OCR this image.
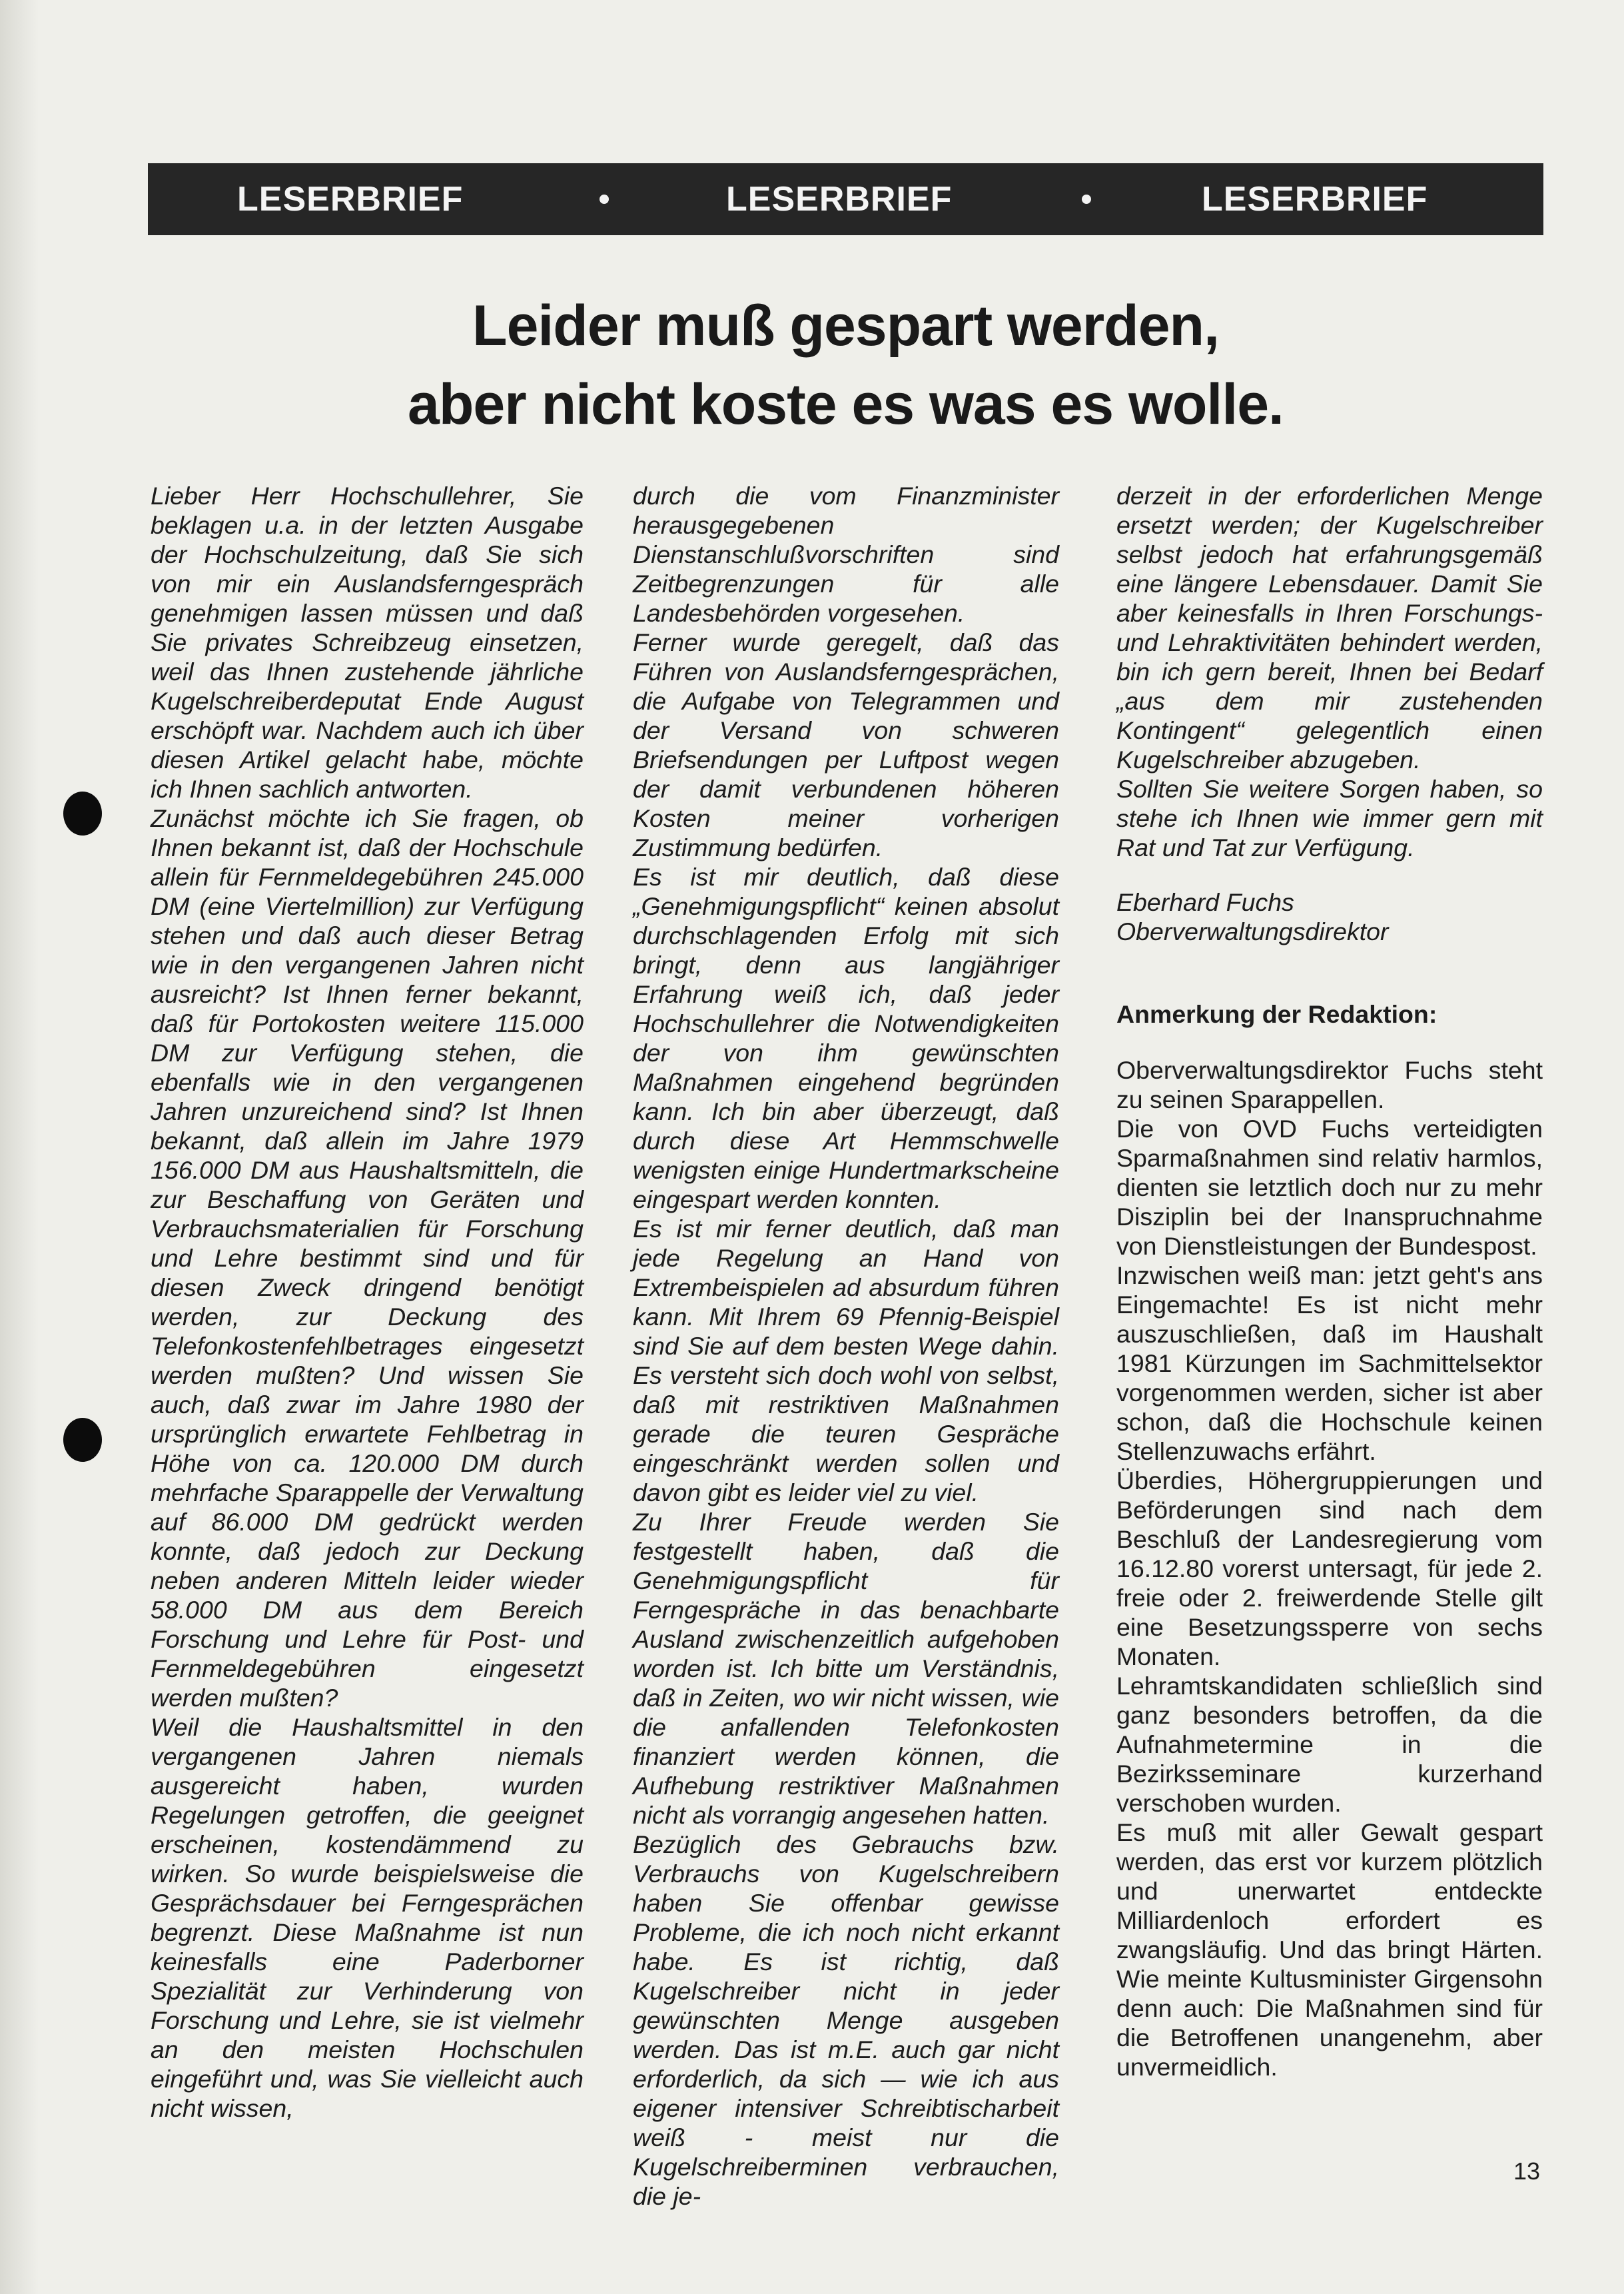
LESERBRIEF	LESERBRIEF	LESERBRIEF
Leider muß gespart werden,
aber nicht koste es was es wolle.

Lieber Herr Hochschullehrer, Sie beklagen u.a. in der letzten Ausgabe der Hochschulzeitung, daß Sie sich von mir ein Auslandsferngespräch genehmigen lassen müssen und daß Sie privates Schreibzeug einsetzen, weil das Ihnen zustehende jährliche Kugelschreiberdeputat Ende August erschöpft war. Nachdem auch ich über diesen Artikel gelacht habe, möchte ich Ihnen sachlich antworten.

Zunächst möchte ich Sie fragen, ob Ihnen bekannt ist, daß der Hochschule allein für Fernmeldegebühren 245.000 DM (eine Viertelmillion) zur Verfügung stehen und daß auch dieser Betrag wie in den vergangenen Jahren nicht ausreicht? Ist Ihnen ferner bekannt, daß für Portokosten weitere 115.000 DM zur Verfügung stehen, die ebenfalls wie in den vergangenen Jahren unzureichend sind? Ist Ihnen bekannt, daß allein im Jahre 1979 156.000 DM aus Haushaltsmitteln, die zur Beschaffung von Geräten und Verbrauchsmaterialien für Forschung und Lehre bestimmt sind und für diesen Zweck dringend benötigt werden, zur Deckung des Telefonkostenfehlbetrages eingesetzt werden mußten? Und wissen Sie auch, daß zwar im Jahre 1980 der ursprünglich erwartete Fehlbetrag in Höhe von ca. 120.000 DM durch mehrfache Sparappelle der Verwaltung auf 86.000 DM gedrückt werden konnte, daß jedoch zur Deckung neben anderen Mitteln leider wieder 58.000 DM aus dem Bereich Forschung und Lehre für Post- und Fernmeldegebühren eingesetzt werden mußten?

Weil die Haushaltsmittel in den vergangenen Jahren niemals ausgereicht haben, wurden Regelungen getroffen, die geeignet erscheinen, kostendämmend zu wirken. So wurde beispielsweise die Gesprächsdauer bei Ferngesprächen begrenzt. Diese Maßnahme ist nun keinesfalls eine Paderborner Spezialität zur Verhinderung von Forschung und Lehre, sie ist vielmehr an den meisten Hochschulen eingeführt und, was Sie vielleicht auch nicht wissen,

durch die vom Finanzminister herausgegebenen Dienstanschlußvorschriften sind Zeitbegrenzungen für alle Landesbehörden vorgesehen.

Ferner wurde geregelt, daß das Führen von Auslandsferngesprächen, die Aufgabe von Telegrammen und der Versand von schweren Briefsendungen per Luftpost wegen der damit verbundenen höheren Kosten meiner vorherigen Zustimmung bedürfen.

Es ist mir deutlich, daß diese „Genehmigungspflicht“ keinen absolut durchschlagenden Erfolg mit sich bringt, denn aus langjähriger Erfahrung weiß ich, daß jeder Hochschullehrer die Notwendigkeiten der von ihm gewünschten Maßnahmen eingehend begründen kann. Ich bin aber überzeugt, daß durch diese Art Hemmschwelle wenigsten einige Hundertmarkscheine eingespart werden konnten.

Es ist mir ferner deutlich, daß man jede Regelung an Hand von Extrembeispielen ad absurdum führen kann. Mit Ihrem 69 Pfennig-Beispiel sind Sie auf dem besten Wege dahin. Es versteht sich doch wohl von selbst, daß mit restriktiven Maßnahmen gerade die teuren Gespräche eingeschränkt werden sollen und davon gibt es leider viel zu viel.

Zu Ihrer Freude werden Sie festgestellt haben, daß die Genehmigungspflicht für Ferngespräche in das benachbarte Ausland zwischenzeitlich aufgehoben worden ist. Ich bitte um Verständnis, daß in Zeiten, wo wir nicht wissen, wie die anfallenden Telefonkosten finanziert werden können, die Aufhebung restriktiver Maßnahmen nicht als vorrangig angesehen hatten.

Bezüglich des Gebrauchs bzw. Verbrauchs von Kugelschreibern haben Sie offenbar gewisse Probleme, die ich noch nicht erkannt habe. Es ist richtig, daß Kugelschreiber nicht in jeder gewünschten Menge ausgeben werden. Das ist m.E. auch gar nicht erforderlich, da sich — wie ich aus eigener intensiver Schreibtischarbeit weiß - meist nur die Kugelschreiberminen verbrauchen, die je-

derzeit in der erforderlichen Menge ersetzt werden; der Kugelschreiber selbst jedoch hat erfahrungsgemäß eine längere Lebensdauer. Damit Sie aber keinesfalls in Ihren Forschungs- und Lehraktivitäten behindert werden, bin ich gern bereit, Ihnen bei Bedarf „aus dem mir zustehenden Kontingent“ gelegentlich einen Kugelschreiber abzugeben.

Sollten Sie weitere Sorgen haben, so stehe ich Ihnen wie immer gern mit Rat und Tat zur Verfügung.

Eberhard Fuchs

Oberverwaltungsdirektor

Anmerkung der Redaktion:

Oberverwaltungsdirektor Fuchs steht zu seinen Sparappellen.

Die von OVD Fuchs verteidigten Sparmaßnahmen sind relativ harmlos, dienten sie letztlich doch nur zu mehr Disziplin bei der Inanspruchnahme von Dienstleistungen der Bundespost.

Inzwischen weiß man: jetzt geht's ans Eingemachte! Es ist nicht mehr auszuschließen, daß im Haushalt 1981 Kürzungen im Sachmittelsektor vorgenommen werden, sicher ist aber schon, daß die Hochschule keinen Stellenzuwachs erfährt.

Überdies, Höhergruppierungen und Beförderungen sind nach dem Beschluß der Landesregierung vom 16.12.80 vorerst untersagt, für jede 2. freie oder 2. freiwerdende Stelle gilt eine Besetzungssperre von sechs Monaten.

Lehramtskandidaten schließlich sind ganz besonders betroffen, da die Aufnahmetermine in die Bezirksseminare kurzerhand verschoben wurden.

Es muß mit aller Gewalt gespart werden, das erst vor kurzem plötzlich und unerwartet entdeckte Milliardenloch erfordert es zwangsläufig. Und das bringt Härten. Wie meinte Kultusminister Girgensohn denn auch: Die Maßnahmen sind für die Betroffenen unangenehm, aber unvermeidlich.

13
